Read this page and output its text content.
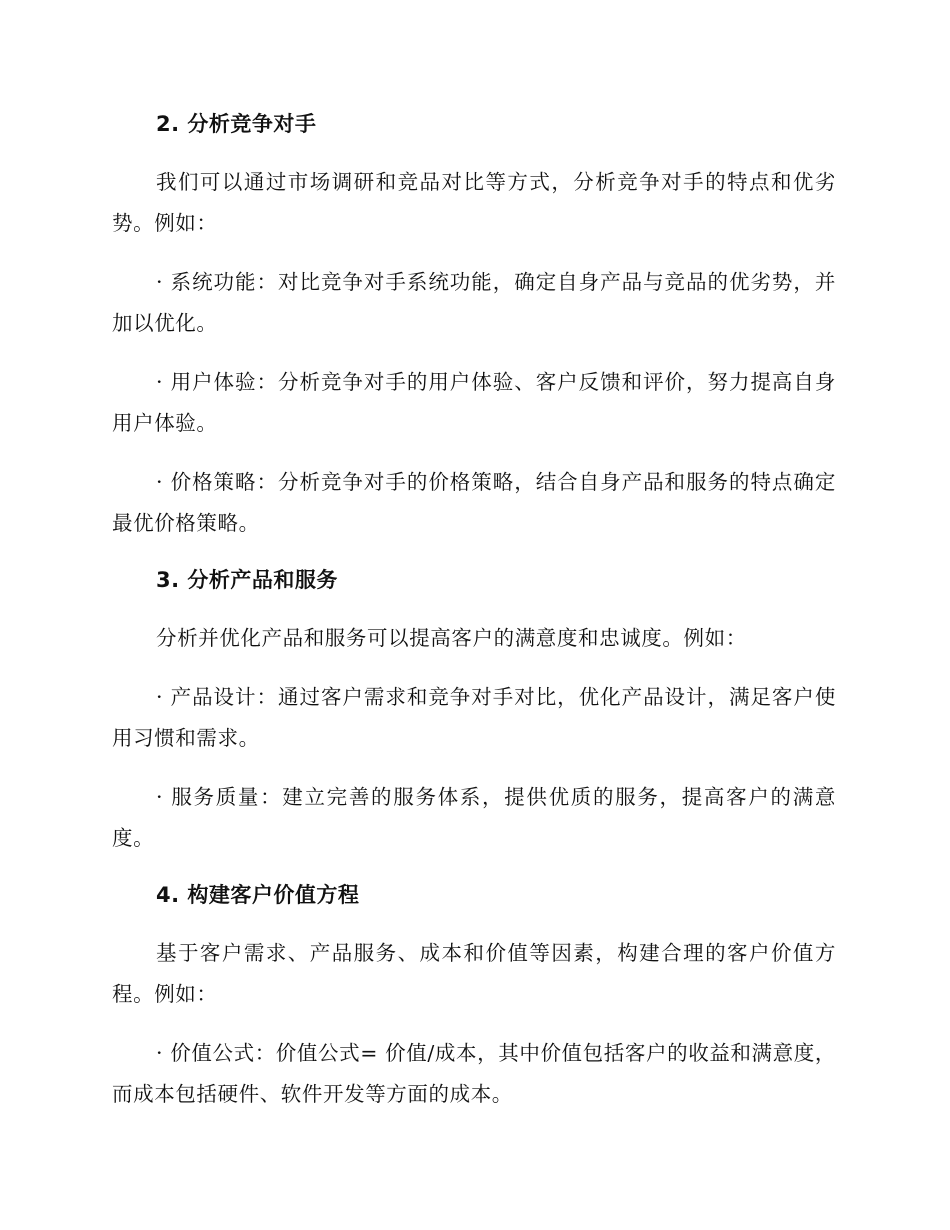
2. 分析竞争对手

我们可以通过市场调研和竞品对比等方式，分析竞争对手的特点和优劣势。例如：

· 系统功能：对比竞争对手系统功能，确定自身产品与竞品的优劣势，并加以优化。

· 用户体验：分析竞争对手的用户体验、客户反馈和评价，努力提高自身用户体验。

· 价格策略：分析竞争对手的价格策略，结合自身产品和服务的特点确定最优价格策略。

3. 分析产品和服务

分析并优化产品和服务可以提高客户的满意度和忠诚度。例如：

· 产品设计：通过客户需求和竞争对手对比，优化产品设计，满足客户使用习惯和需求。

· 服务质量：建立完善的服务体系，提供优质的服务，提高客户的满意度。

4. 构建客户价值方程

基于客户需求、产品服务、成本和价值等因素，构建合理的客户价值方程。例如：

· 价值公式：价值公式= 价值/成本，其中价值包括客户的收益和满意度，而成本包括硬件、软件开发等方面的成本。
